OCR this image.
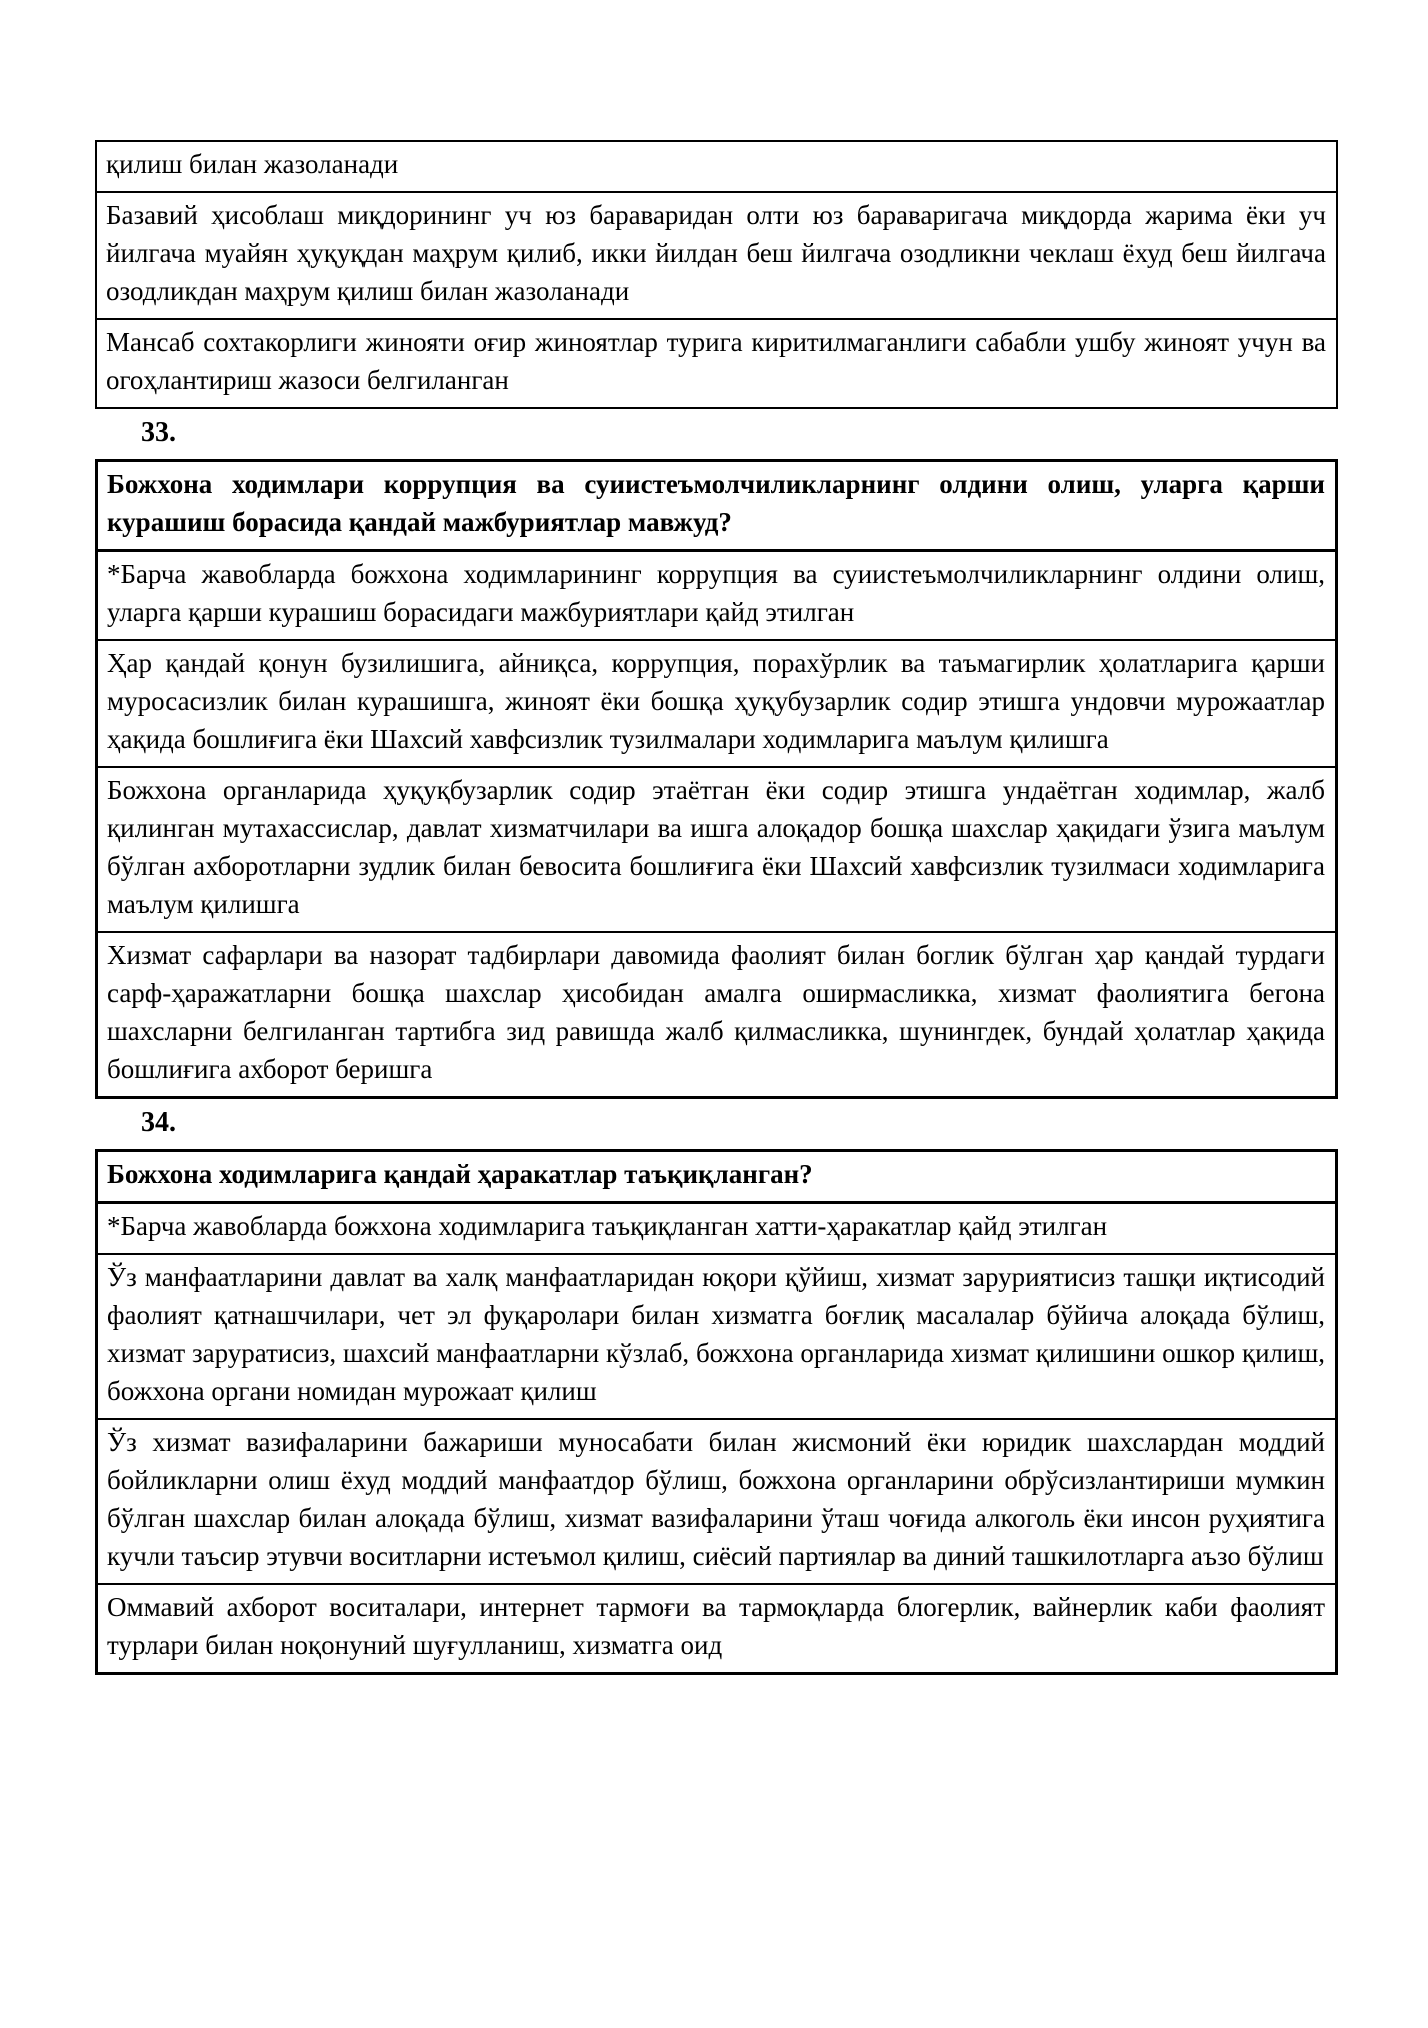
қилиш билан жазоланади
Базавий ҳисоблаш миқдорининг уч юз бараваридан олти юз бараваригача миқдорда жарима ёки уч йилгача муайян ҳуқуқдан маҳрум қилиб, икки йилдан беш йилгача озодликни чеклаш ёхуд беш йилгача озодликдан маҳрум қилиш билан жазоланади
Мансаб сохтакорлиги жинояти оғир жиноятлар турига киритилмаганлиги сабабли ушбу жиноят учун ва огоҳлантириш жазоси белгиланган
33.
Божхона ходимлари коррупция ва суиистеъмолчиликларнинг олдини олиш, уларга қарши курашиш борасида қандай мажбуриятлар мавжуд?
*Барча жавобларда божхона ходимларининг коррупция ва суиистеъмолчиликларнинг олдини олиш, уларга қарши курашиш борасидаги мажбуриятлари қайд этилган
Ҳар қандай қонун бузилишига, айниқса, коррупция, порахўрлик ва таъмагирлик ҳолатларига қарши муросасизлик билан курашишга, жиноят ёки бошқа ҳуқубузарлик содир этишга ундовчи мурожаатлар ҳақида бошлиғига ёки Шахсий хавфсизлик тузилмалари ходимларига маълум қилишга
Божхона органларида ҳуқуқбузарлик содир этаётган ёки содир этишга ундаётган ходимлар, жалб қилинган мутахассислар, давлат хизматчилари ва ишга алоқадор бошқа шахслар ҳақидаги ўзига маълум бўлган ахборотларни зудлик билан бевосита бошлиғига ёки Шахсий хавфсизлик тузилмаси ходимларига маълум қилишга
Хизмат сафарлари ва назорат тадбирлари давомида фаолият билан боглик бўлган ҳар қандай турдаги сарф-ҳаражатларни бошқа шахслар ҳисобидан амалга оширмасликка, хизмат фаолиятига бегона шахсларни белгиланган тартибга зид равишда жалб қилмасликка, шунингдек, бундай ҳолатлар ҳақида бошлиғига ахборот беришга
34.
Божхона ходимларига қандай ҳаракатлар таъқиқланган?
*Барча жавобларда божхона ходимларига таъқиқланган хатти-ҳаракатлар қайд этилган
Ўз манфаатларини давлат ва халқ манфаатларидан юқори қўйиш, хизмат заруриятисиз ташқи иқтисодий фаолият қатнашчилари, чет эл фуқаролари билан хизматга боғлиқ масалалар бўйича алоқада бўлиш, хизмат заруратисиз, шахсий манфаатларни кўзлаб, божхона органларида хизмат қилишини ошкор қилиш, божхона органи номидан мурожаат қилиш
Ўз хизмат вазифаларини бажариши муносабати билан жисмоний ёки юридик шахслардан моддий бойликларни олиш ёхуд моддий манфаатдор бўлиш, божхона органларини обрўсизлантириши мумкин бўлган шахслар билан алоқада бўлиш, хизмат вазифаларини ўташ чоғида алкоголь ёки инсон руҳиятига кучли таъсир этувчи воситларни истеъмол қилиш, сиёсий партиялар ва диний ташкилотларга аъзо бўлиш
Оммавий ахборот воситалари, интернет тармоғи ва тармоқларда блогерлик, вайнерлик каби фаолият турлари билан ноқонуний шуғулланиш, хизматга оид
